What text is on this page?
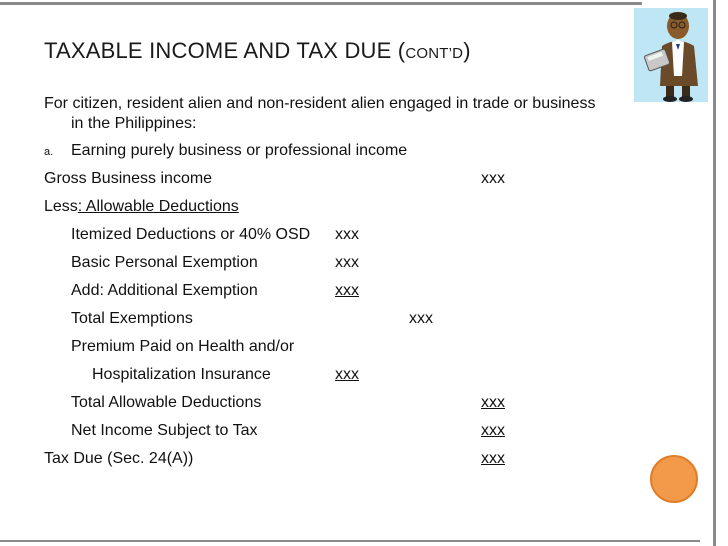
TAXABLE INCOME AND TAX DUE (CONT’D)
For citizen, resident alien and non-resident alien engaged in trade or business
in the Philippines:
a. Earning purely business or professional income
Gross Business income	xxx
Less: Allowable Deductions
Itemized Deductions or 40% OSD xxx
Basic Personal Exemption	xxx
Add: Additional Exemption	xxx
Total Exemptions	xxx
Premium Paid on Health and/or
Hospitalization Insurance	xxx
Total Allowable Deductions	xxx
Net Income Subject to Tax	xxx
Tax Due (Sec. 24(A))	xxx
